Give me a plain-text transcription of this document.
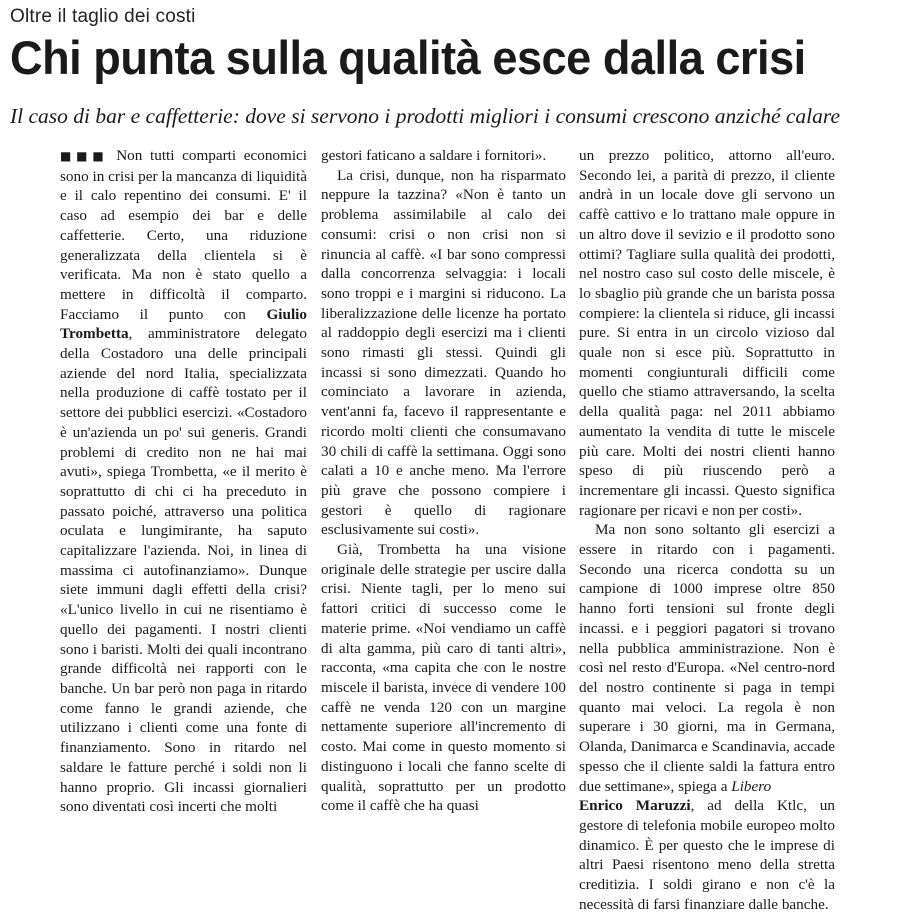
Oltre il taglio dei costi
Chi punta sulla qualità esce dalla crisi
Il caso di bar e caffetterie: dove si servono i prodotti migliori i consumi crescono anziché calare

■■■ Non tutti comparti economici sono in crisi per la mancanza di liquidità e il calo repentino dei consumi. E' il caso ad esempio dei bar e delle caffetterie. Certo, una riduzione generalizzata della clientela si è verificata. Ma non è stato quello a mettere in difficoltà il comparto. Facciamo il punto con Giulio Trombetta, amministratore delegato della Costadoro una delle principali aziende del nord Italia, specializzata nella produzione di caffè tostato per il settore dei pubblici esercizi. «Costadoro è un'azienda un po' sui generis. Grandi problemi di credito non ne hai mai avuti», spiega Trombetta, «e il merito è soprattutto di chi ci ha preceduto in passato poiché, attraverso una politica oculata e lungimirante, ha saputo capitalizzare l'azienda. Noi, in linea di massima ci autofinanziamo». Dunque siete immuni dagli effetti della crisi? «L'unico livello in cui ne risentiamo è quello dei pagamenti. I nostri clienti sono i baristi. Molti dei quali incontrano grande difficoltà nei rapporti con le banche. Un bar però non paga in ritardo come fanno le grandi aziende, che utilizzano i clienti come una fonte di finanziamento. Sono in ritardo nel saldare le fatture perché i soldi non li hanno proprio. Gli incassi giornalieri sono diventati così incerti che molti

gestori faticano a saldare i fornitori».

La crisi, dunque, non ha risparmato neppure la tazzina? «Non è tanto un problema assimilabile al calo dei consumi: crisi o non crisi non si rinuncia al caffè. «I bar sono compressi dalla concorrenza selvaggia: i locali sono troppi e i margini si riducono. La liberalizzazione delle licenze ha portato al raddoppio degli esercizi ma i clienti sono rimasti gli stessi. Quindi gli incassi si sono dimezzati. Quando ho cominciato a lavorare in azienda, vent'anni fa, facevo il rappresentante e ricordo molti clienti che consumavano 30 chili di caffè la settimana. Oggi sono calati a 10 e anche meno. Ma l'errore più grave che possono compiere i gestori è quello di ragionare esclusivamente sui costi».

Già, Trombetta ha una visione originale delle strategie per uscire dalla crisi. Niente tagli, per lo meno sui fattori critici di successo come le materie prime. «Noi vendiamo un caffè di alta gamma, più caro di tanti altri», racconta, «ma capita che con le nostre miscele il barista, invece di vendere 100 caffè ne venda 120 con un margine nettamente superiore all'incremento di costo. Mai come in questo momento si distinguono i locali che fanno scelte di qualità, soprattutto per un prodotto come il caffè che ha quasi

un prezzo politico, attorno all'euro. Secondo lei, a parità di prezzo, il cliente andrà in un locale dove gli servono un caffè cattivo e lo trattano male oppure in un altro dove il sevizio e il prodotto sono ottimi? Tagliare sulla qualità dei prodotti, nel nostro caso sul costo delle miscele, è lo sbaglio più grande che un barista possa compiere: la clientela si riduce, gli incassi pure. Si entra in un circolo vizioso dal quale non si esce più. Soprattutto in momenti congiunturali difficili come quello che stiamo attraversando, la scelta della qualità paga: nel 2011 abbiamo aumentato la vendita di tutte le miscele più care. Molti dei nostri clienti hanno speso di più riuscendo però a incrementare gli incassi. Questo significa ragionare per ricavi e non per costi».

Ma non sono soltanto gli esercizi a essere in ritardo con i pagamenti. Secondo una ricerca condotta su un campione di 1000 imprese oltre 850 hanno forti tensioni sul fronte degli incassi. e i peggiori pagatori si trovano nella pubblica amministrazione. Non è così nel resto d'Europa. «Nel centro-nord del nostro continente si paga in tempi quanto mai veloci. La regola è non superare i 30 giorni, ma in Germana, Olanda, Danimarca e Scandinavia, accade spesso che il cliente saldi la fattura entro due settimane», spiega a Libero
Enrico Maruzzi, ad della Ktlc, un gestore di telefonia mobile europeo molto dinamico. È per questo che le imprese di altri Paesi risentono meno della stretta creditizia. I soldi girano e non c'è la necessità di farsi finanziare dalle banche.
